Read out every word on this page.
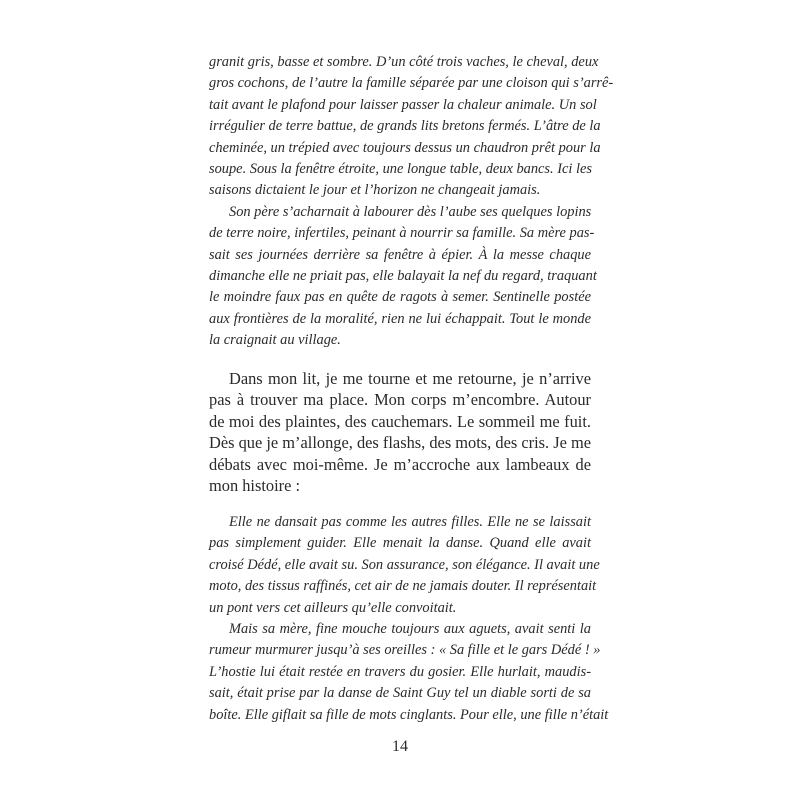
granit gris, basse et sombre. D’un côté trois vaches, le cheval, deux
gros cochons, de l’autre la famille séparée par une cloison qui s’arrê-
tait avant le plafond pour laisser passer la chaleur animale. Un sol
irrégulier de terre battue, de grands lits bretons fermés. L’âtre de la
cheminée, un trépied avec toujours dessus un chaudron prêt pour la
soupe. Sous la fenêtre étroite, une longue table, deux bancs. Ici les
saisons dictaient le jour et l’horizon ne changeait jamais.
Son père s’acharnait à labourer dès l’aube ses quelques lopins
de terre noire, infertiles, peinant à nourrir sa famille. Sa mère pas-
sait ses journées derrière sa fenêtre à épier. À la messe chaque
dimanche elle ne priait pas, elle balayait la nef du regard, traquant
le moindre faux pas en quête de ragots à semer. Sentinelle postée
aux frontières de la moralité, rien ne lui échappait. Tout le monde
la craignait au village.
Dans mon lit, je me tourne et me retourne, je n’arrive
pas à trouver ma place. Mon corps m’encombre. Autour
de moi des plaintes, des cauchemars. Le sommeil me fuit.
Dès que je m’allonge, des flashs, des mots, des cris. Je me
débats avec moi-même. Je m’accroche aux lambeaux de
mon histoire :
Elle ne dansait pas comme les autres filles. Elle ne se laissait
pas simplement guider. Elle menait la danse. Quand elle avait
croisé Dédé, elle avait su. Son assurance, son élégance. Il avait une
moto, des tissus raffinés, cet air de ne jamais douter. Il représentait
un pont vers cet ailleurs qu’elle convoitait.
Mais sa mère, fine mouche toujours aux aguets, avait senti la
rumeur murmurer jusqu’à ses oreilles : « Sa fille et le gars Dédé ! »
L’hostie lui était restée en travers du gosier. Elle hurlait, maudis-
sait, était prise par la danse de Saint Guy tel un diable sorti de sa
boîte. Elle giflait sa fille de mots cinglants. Pour elle, une fille n’était
14
